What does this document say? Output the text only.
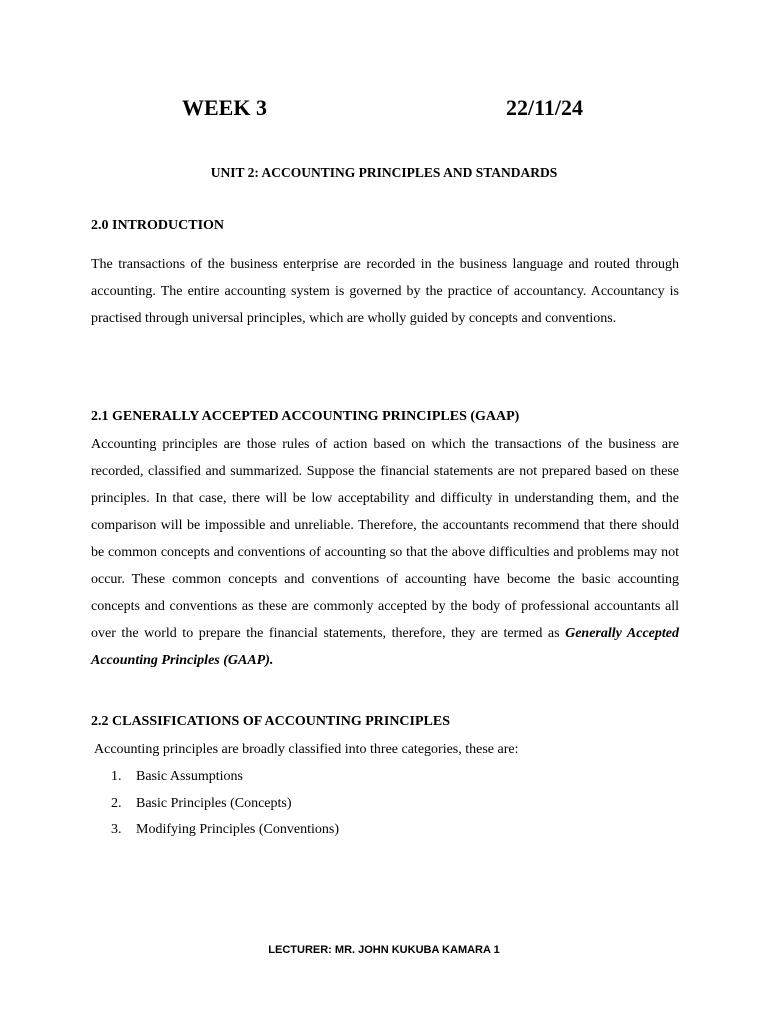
WEEK 3	22/11/24
UNIT 2: ACCOUNTING PRINCIPLES AND STANDARDS
2.0 INTRODUCTION
The transactions of the business enterprise are recorded in the business language and routed through accounting. The entire accounting system is governed by the practice of accountancy. Accountancy is practised through universal principles, which are wholly guided by concepts and conventions.
2.1 GENERALLY ACCEPTED ACCOUNTING PRINCIPLES (GAAP)
Accounting principles are those rules of action based on which the transactions of the business are recorded, classified and summarized. Suppose the financial statements are not prepared based on these principles. In that case, there will be low acceptability and difficulty in understanding them, and the comparison will be impossible and unreliable. Therefore, the accountants recommend that there should be common concepts and conventions of accounting so that the above difficulties and problems may not occur. These common concepts and conventions of accounting have become the basic accounting concepts and conventions as these are commonly accepted by the body of professional accountants all over the world to prepare the financial statements, therefore, they are termed as Generally Accepted Accounting Principles (GAAP).
2.2 CLASSIFICATIONS OF ACCOUNTING PRINCIPLES
Accounting principles are broadly classified into three categories, these are:
1.	Basic Assumptions
2.	Basic Principles (Concepts)
3.	Modifying Principles (Conventions)
LECTURER: MR. JOHN KUKUBA KAMARA 1
